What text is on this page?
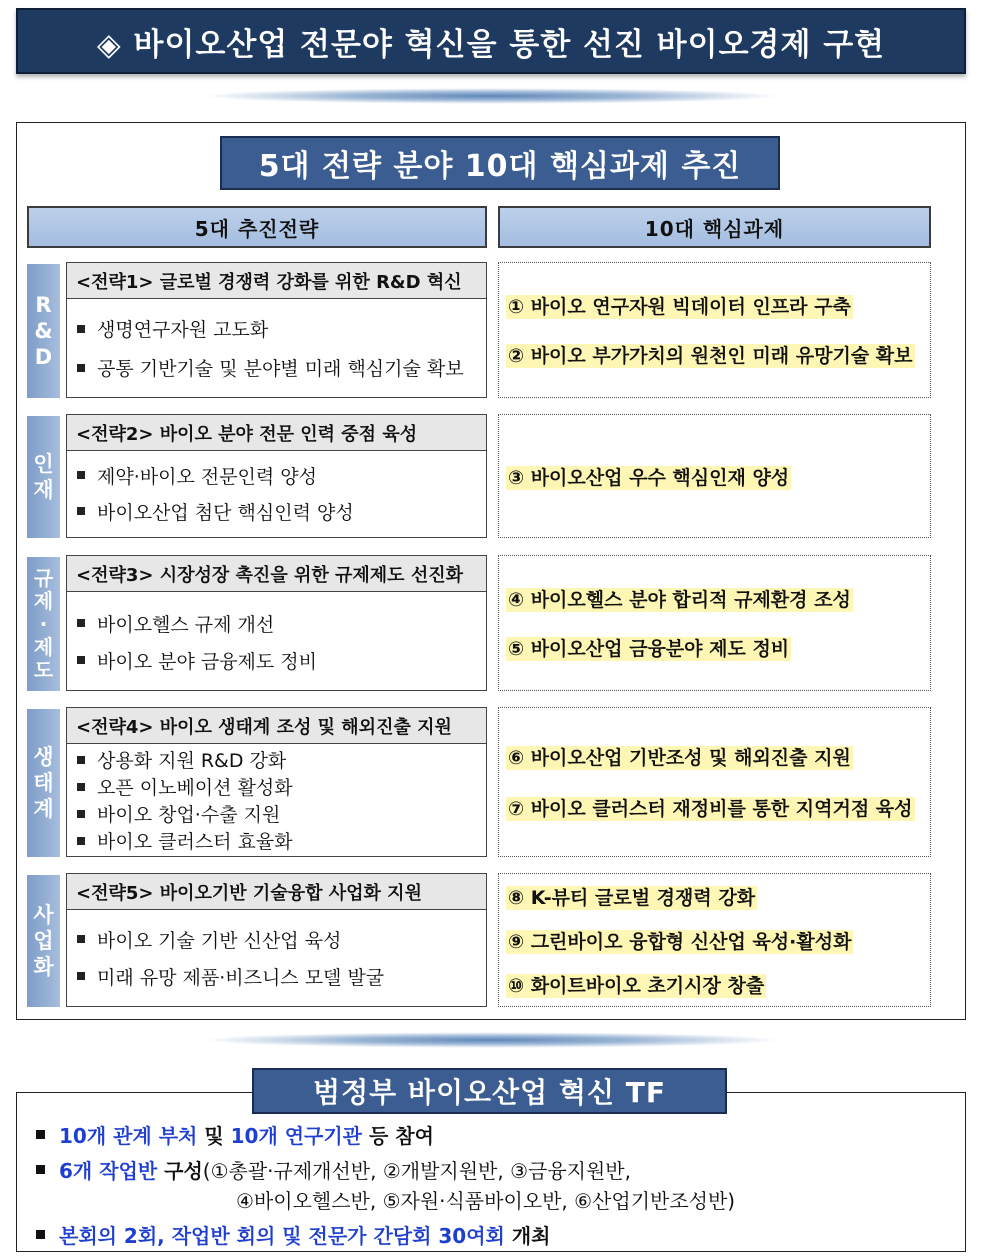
◈ 바이오산업 전문야 혁신을 통한 선진 바이오경제 구현
5대 전략 분야 10대 핵심과제 추진
5대 추진전략	10대 핵심과제
R
&
D
<전략1> 글로벌 경쟁력 강화를 위한 R&D 혁신
생명연구자원 고도화
공통 기반기술 및 분야별 미래 핵심기술 확보
① 바이오 연구자원 빅데이터 인프라 구축
② 바이오 부가가치의 원천인 미래 유망기술 확보
인
재
<전략2> 바이오 분야 전문 인력 중점 육성
제약·바이오 전문인력 양성
바이오산업 첨단 핵심인력 양성
③ 바이오산업 우수 핵심인재 양성
규
제
·
제
도
<전략3> 시장성장 촉진을 위한 규제제도 선진화
바이오헬스 규제 개선
바이오 분야 금융제도 정비
④ 바이오헬스 분야 합리적 규제환경 조성
⑤ 바이오산업 금융분야 제도 정비
생
태
계
<전략4> 바이오 생태계 조성 및 해외진출 지원
상용화 지원 R&D 강화
오픈 이노베이션 활성화
바이오 창업·수출 지원
바이오 클러스터 효율화
⑥ 바이오산업 기반조성 및 해외진출 지원
⑦ 바이오 클러스터 재정비를 통한 지역거점 육성
사
업
화
<전략5> 바이오기반 기술융합 사업화 지원
바이오 기술 기반 신산업 육성
미래 유망 제품·비즈니스 모델 발굴
⑧ K-뷰티 글로벌 경쟁력 강화
⑨ 그린바이오 융합형 신산업 육성·활성화
⑩ 화이트바이오 초기시장 창출
범정부 바이오산업 혁신 TF
10개 관계 부처 및 10개 연구기관 등 참여
6개 작업반 구성 (①총괄·규제개선반, ②개발지원반, ③금융지원반,
④바이오헬스반, ⑤자원·식품바이오반, ⑥산업기반조성반)
본회의 2회, 작업반 회의 및 전문가 간담회 30여회 개최
